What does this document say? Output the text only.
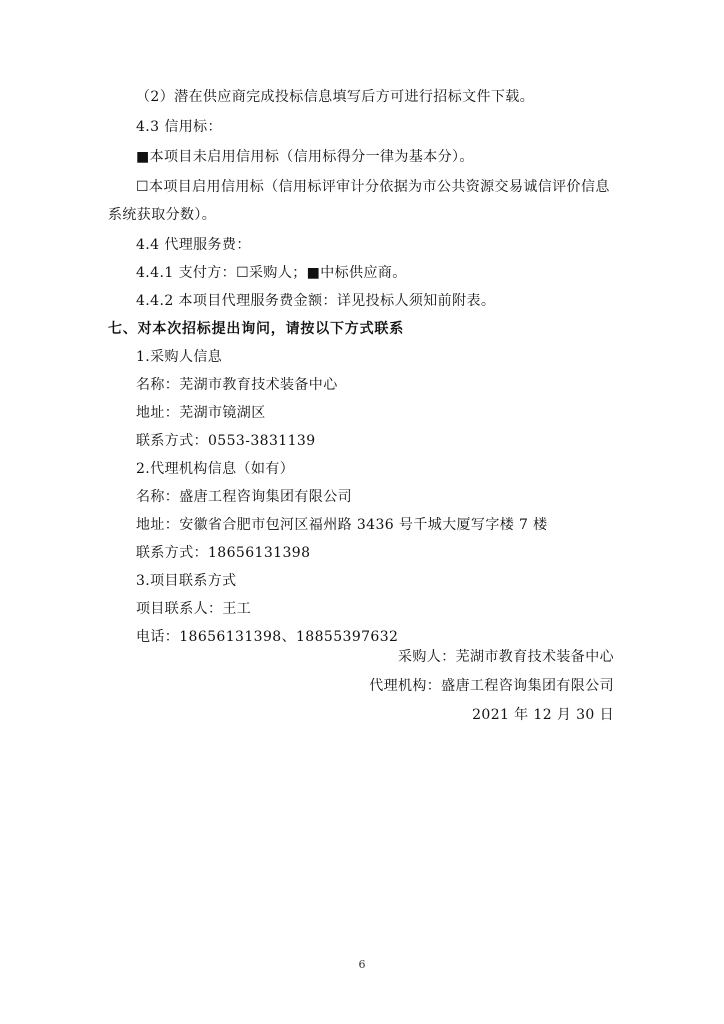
（2）潜在供应商完成投标信息填写后方可进行招标文件下载。
4.3 信用标：
■本项目未启用信用标（信用标得分一律为基本分）。
☐本项目启用信用标（信用标评审计分依据为市公共资源交易诚信评价信息
系统获取分数）。
4.4 代理服务费：
4.4.1 支付方：☐采购人；■中标供应商。
4.4.2 本项目代理服务费金额：详见投标人须知前附表。
七、对本次招标提出询问，请按以下方式联系
1.采购人信息
名称：芜湖市教育技术装备中心
地址：芜湖市镜湖区
联系方式：0553-3831139
2.代理机构信息（如有）
名称：盛唐工程咨询集团有限公司
地址：安徽省合肥市包河区福州路 3436 号千城大厦写字楼 7 楼
联系方式：18656131398
3.项目联系方式
项目联系人：王工
电话：18656131398、18855397632
采购人：芜湖市教育技术装备中心
代理机构：盛唐工程咨询集团有限公司
2021 年 12 月 30 日
6
